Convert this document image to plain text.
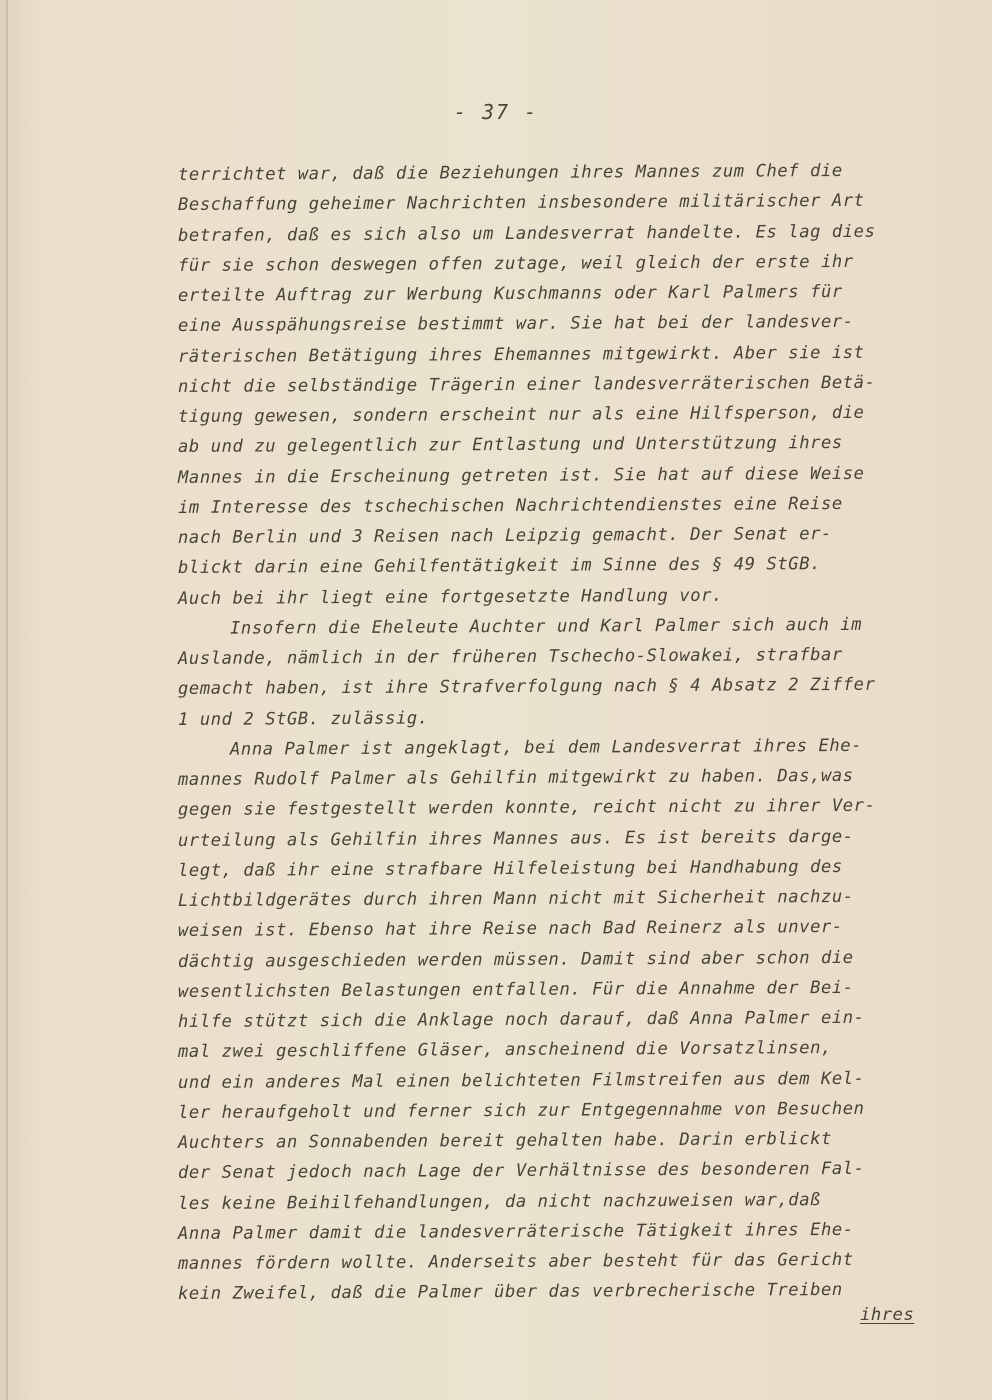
- 37 -
terrichtet war, daß die Beziehungen ihres Mannes zum Chef die
Beschaffung geheimer Nachrichten insbesondere militärischer Art
betrafen, daß es sich also um Landesverrat handelte. Es lag dies
für sie schon deswegen offen zutage, weil gleich der erste ihr
erteilte Auftrag zur Werbung Kuschmanns oder Karl Palmers für
eine Ausspähungsreise bestimmt war. Sie hat bei der landesver-
räterischen Betätigung ihres Ehemannes mitgewirkt. Aber sie ist
nicht die selbständige Trägerin einer landesverräterischen Betä-
tigung gewesen, sondern erscheint nur als eine Hilfsperson, die
ab und zu gelegentlich zur Entlastung und Unterstützung ihres
Mannes in die Erscheinung getreten ist. Sie hat auf diese Weise
im Interesse des tschechischen Nachrichtendienstes eine Reise
nach Berlin und 3 Reisen nach Leipzig gemacht. Der Senat er-
blickt darin eine Gehilfentätigkeit im Sinne des § 49 StGB.
Auch bei ihr liegt eine fortgesetzte Handlung vor.
Insofern die Eheleute Auchter und Karl Palmer sich auch im
Auslande, nämlich in der früheren Tschecho-Slowakei, strafbar
gemacht haben, ist ihre Strafverfolgung nach § 4 Absatz 2 Ziffer
1 und 2 StGB. zulässig.
Anna Palmer ist angeklagt, bei dem Landesverrat ihres Ehe-
mannes Rudolf Palmer als Gehilfin mitgewirkt zu haben. Das,was
gegen sie festgestellt werden konnte, reicht nicht zu ihrer Ver-
urteilung als Gehilfin ihres Mannes aus. Es ist bereits darge-
legt, daß ihr eine strafbare Hilfeleistung bei Handhabung des
Lichtbildgerätes durch ihren Mann nicht mit Sicherheit nachzu-
weisen ist. Ebenso hat ihre Reise nach Bad Reinerz als unver-
dächtig ausgeschieden werden müssen. Damit sind aber schon die
wesentlichsten Belastungen entfallen. Für die Annahme der Bei-
hilfe stützt sich die Anklage noch darauf, daß Anna Palmer ein-
mal zwei geschliffene Gläser, anscheinend die Vorsatzlinsen,
und ein anderes Mal einen belichteten Filmstreifen aus dem Kel-
ler heraufgeholt und ferner sich zur Entgegennahme von Besuchen
Auchters an Sonnabenden bereit gehalten habe. Darin erblickt
der Senat jedoch nach Lage der Verhältnisse des besonderen Fal-
les keine Beihilfehandlungen, da nicht nachzuweisen war,daß
Anna Palmer damit die landesverräterische Tätigkeit ihres Ehe-
mannes fördern wollte. Anderseits aber besteht für das Gericht
kein Zweifel, daß die Palmer über das verbrecherische Treiben
ihres
